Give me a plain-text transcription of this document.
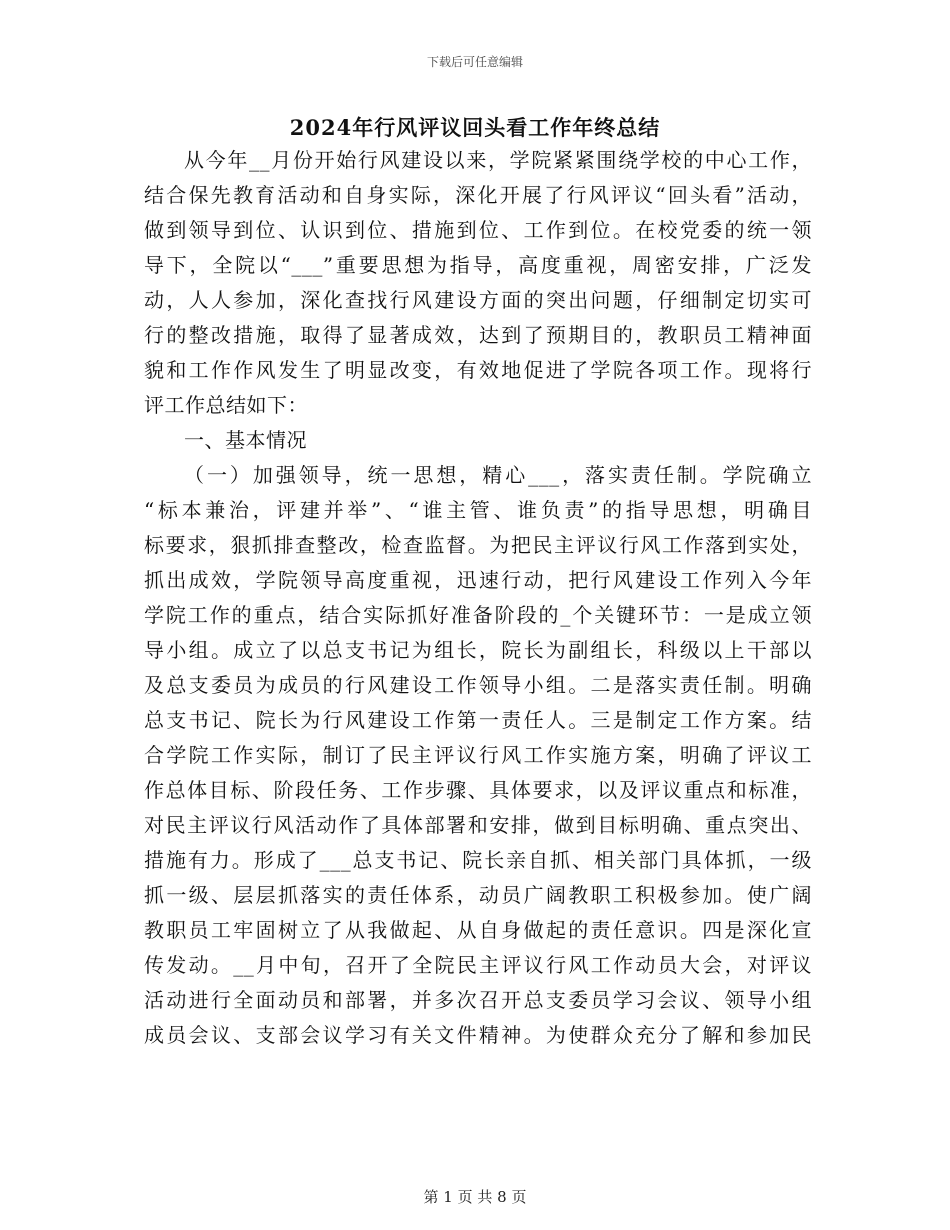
下载后可任意编辑
2024年行风评议回头看工作年终总结
从今年__月份开始行风建设以来，学院紧紧围绕学校的中心工作，
结合保先教育活动和自身实际，深化开展了行风评议“回头看”活动，
做到领导到位、认识到位、措施到位、工作到位。在校党委的统一领
导下，全院以“___”重要思想为指导，高度重视，周密安排，广泛发
动，人人参加，深化查找行风建设方面的突出问题，仔细制定切实可
行的整改措施，取得了显著成效，达到了预期目的，教职员工精神面
貌和工作作风发生了明显改变，有效地促进了学院各项工作。现将行
评工作总结如下：
一、基本情况
（一）加强领导，统一思想，精心___，落实责任制。学院确立
“标本兼治，评建并举”、“谁主管、谁负责”的指导思想，明确目
标要求，狠抓排查整改，检查监督。为把民主评议行风工作落到实处，
抓出成效，学院领导高度重视，迅速行动，把行风建设工作列入今年
学院工作的重点，结合实际抓好准备阶段的_个关键环节：一是成立领
导小组。成立了以总支书记为组长，院长为副组长，科级以上干部以
及总支委员为成员的行风建设工作领导小组。二是落实责任制。明确
总支书记、院长为行风建设工作第一责任人。三是制定工作方案。结
合学院工作实际，制订了民主评议行风工作实施方案，明确了评议工
作总体目标、阶段任务、工作步骤、具体要求，以及评议重点和标准，
对民主评议行风活动作了具体部署和安排，做到目标明确、重点突出、
措施有力。形成了___总支书记、院长亲自抓、相关部门具体抓，一级
抓一级、层层抓落实的责任体系，动员广阔教职工积极参加。使广阔
教职员工牢固树立了从我做起、从自身做起的责任意识。四是深化宣
传发动。__月中旬，召开了全院民主评议行风工作动员大会，对评议
活动进行全面动员和部署，并多次召开总支委员学习会议、领导小组
成员会议、支部会议学习有关文件精神。为使群众充分了解和参加民
第 1 页 共 8 页
